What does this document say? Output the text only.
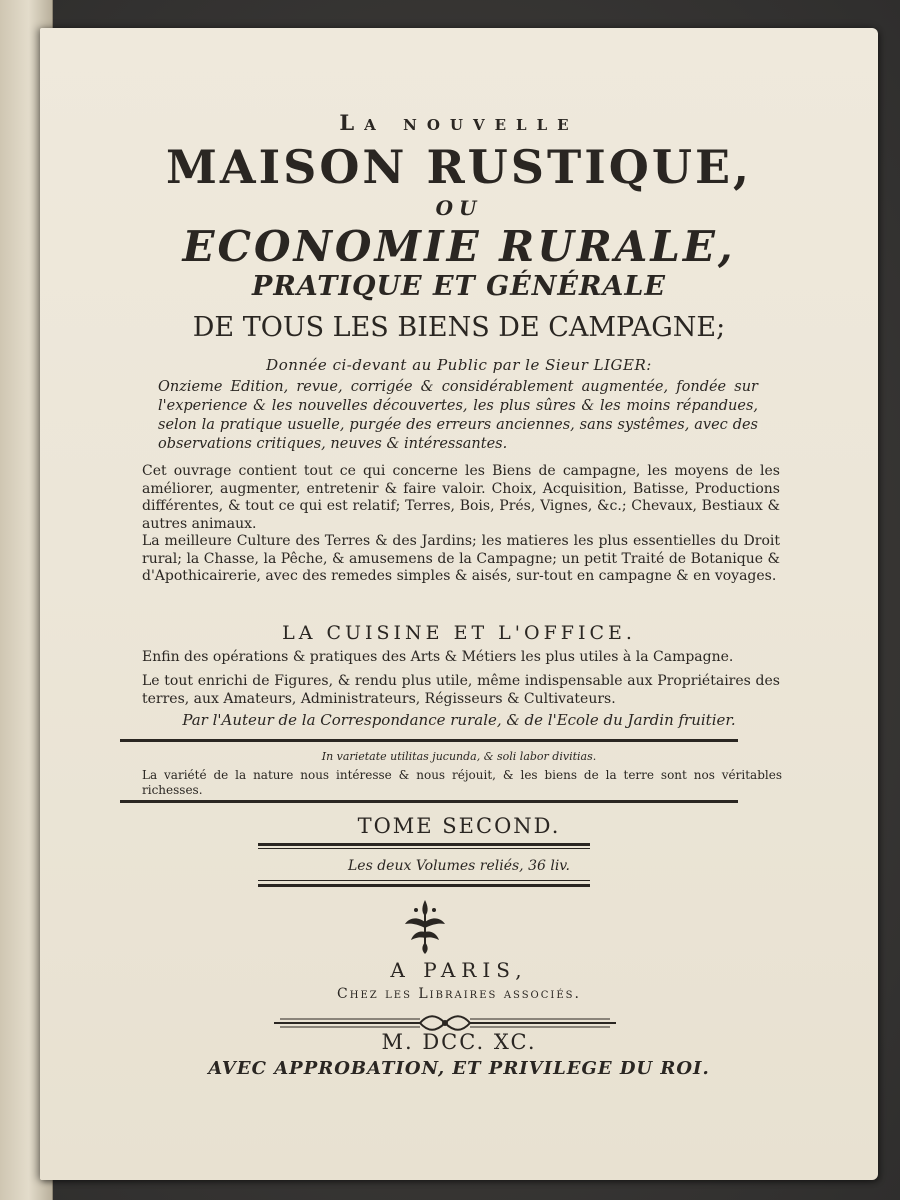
La nouvelle
MAISON RUSTIQUE,
OU
ECONOMIE RURALE,
PRATIQUE ET GÉNÉRALE
DE TOUS LES BIENS DE CAMPAGNE;
Donnée ci-devant au Public par le Sieur LIGER:
Onzieme Edition, revue, corrigée & considérablement augmentée, fondée sur l'experience & les nouvelles découvertes, les plus sûres & les moins répandues, selon la pratique usuelle, purgée des erreurs anciennes, sans systêmes, avec des observations critiques, neuves & intéressantes.
Cet ouvrage contient tout ce qui concerne les Biens de campagne, les moyens de les améliorer, augmenter, entretenir & faire valoir. Choix, Acquisition, Batisse, Productions différentes, & tout ce qui est relatif; Terres, Bois, Prés, Vignes, &c.; Chevaux, Bestiaux & autres animaux.
La meilleure Culture des Terres & des Jardins; les matieres les plus essentielles du Droit rural; la Chasse, la Pêche, & amusemens de la Campagne; un petit Traité de Botanique & d'Apothicairerie, avec des remedes simples & aisés, sur-tout en campagne & en voyages.
LA CUISINE ET L'OFFICE.
Enfin des opérations & pratiques des Arts & Métiers les plus utiles à la Campagne.
Le tout enrichi de Figures, & rendu plus utile, même indispensable aux Propriétaires des terres, aux Amateurs, Administrateurs, Régisseurs & Cultivateurs.
Par l'Auteur de la Correspondance rurale, & de l'Ecole du Jardin fruitier.
In varietate utilitas jucunda, & soli labor divitias.
La variété de la nature nous intéresse & nous réjouit, & les biens de la terre sont nos véritables richesses.
TOME SECOND.
Les deux Volumes reliés, 36 liv.
A PARIS,
Chez les Libraires associés.
M. DCC. XC.
AVEC APPROBATION, ET PRIVILEGE DU ROI.
